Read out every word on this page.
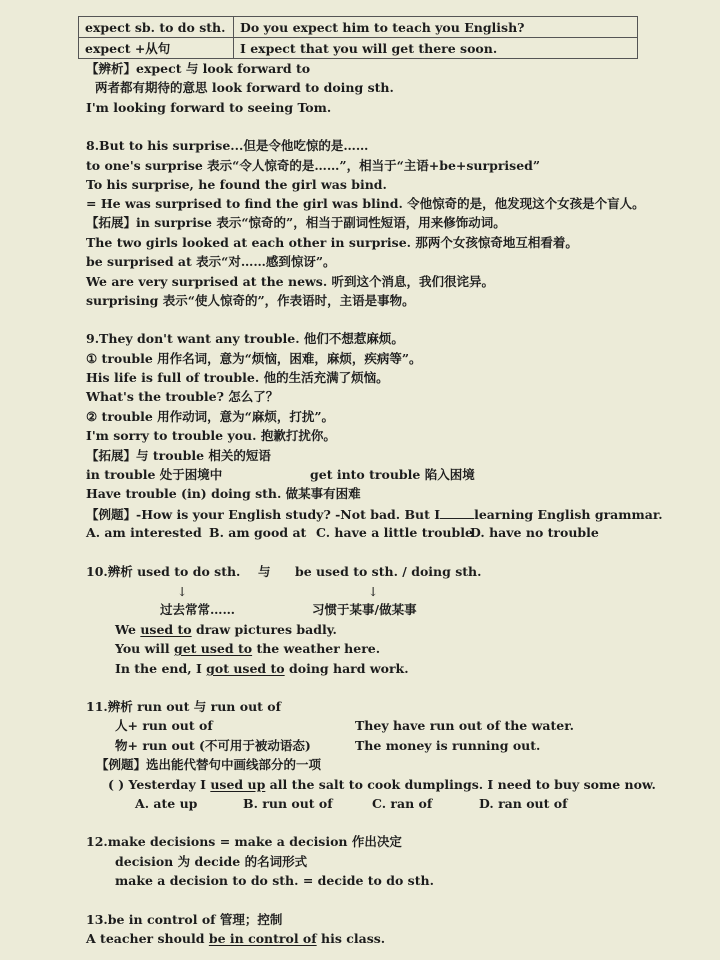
expect sb. to do sth.	Do you expect him to teach you English?
expect +从句	I expect that you will get there soon.
【辨析】expect 与 look forward to
两者都有期待的意思 look forward to doing sth.
I'm looking forward to seeing Tom.
8.But to his surprise...但是令他吃惊的是……
to one's surprise 表示“令人惊奇的是……”，相当于“主语+be+surprised”
To his surprise, he found the girl was bind.
= He was surprised to find the girl was blind. 令他惊奇的是，他发现这个女孩是个盲人。
【拓展】in surprise 表示“惊奇的”，相当于副词性短语，用来修饰动词。
The two girls looked at each other in surprise. 那两个女孩惊奇地互相看着。
be surprised at 表示“对……感到惊讶”。
We are very surprised at the news. 听到这个消息，我们很诧异。
surprising 表示“使人惊奇的”，作表语时，主语是事物。
9.They don't want any trouble. 他们不想惹麻烦。
① trouble 用作名词，意为“烦恼，困难，麻烦，疾病等”。
His life is full of trouble. 他的生活充满了烦恼。
What's the trouble? 怎么了？
② trouble 用作动词，意为“麻烦，打扰”。
I'm sorry to trouble you. 抱歉打扰你。
【拓展】与 trouble 相关的短语
in trouble 处于困境中	get into trouble 陷入困境
Have trouble (in) doing sth. 做某事有困难
【例题】-How is your English study? -Not bad. But I	learning English grammar.
A. am interested B. am good at C. have a little trouble
D. have no trouble
10.辨析 used to do sth. 与 be used to sth. / doing sth.
↓	↓
过去常常……	习惯于某事/做某事
We used to draw pictures badly.
You will get used to the weather here.
In the end, I got used to doing hard work.
11.辨析 run out 与 run out of
人+ run out of	They have run out of the water.
物+ run out (不可用于被动语态)	The money is running out.
【例题】选出能代替句中画线部分的一项
( ) Yesterday I used up all the salt to cook dumplings. I need to buy some now.
A. ate up	B. run out of	C. ran of	D. ran out of
12.make decisions = make a decision 作出决定
decision 为 decide 的名词形式
make a decision to do sth. = decide to do sth.
13.be in control of 管理；控制
A teacher should be in control of his class.
